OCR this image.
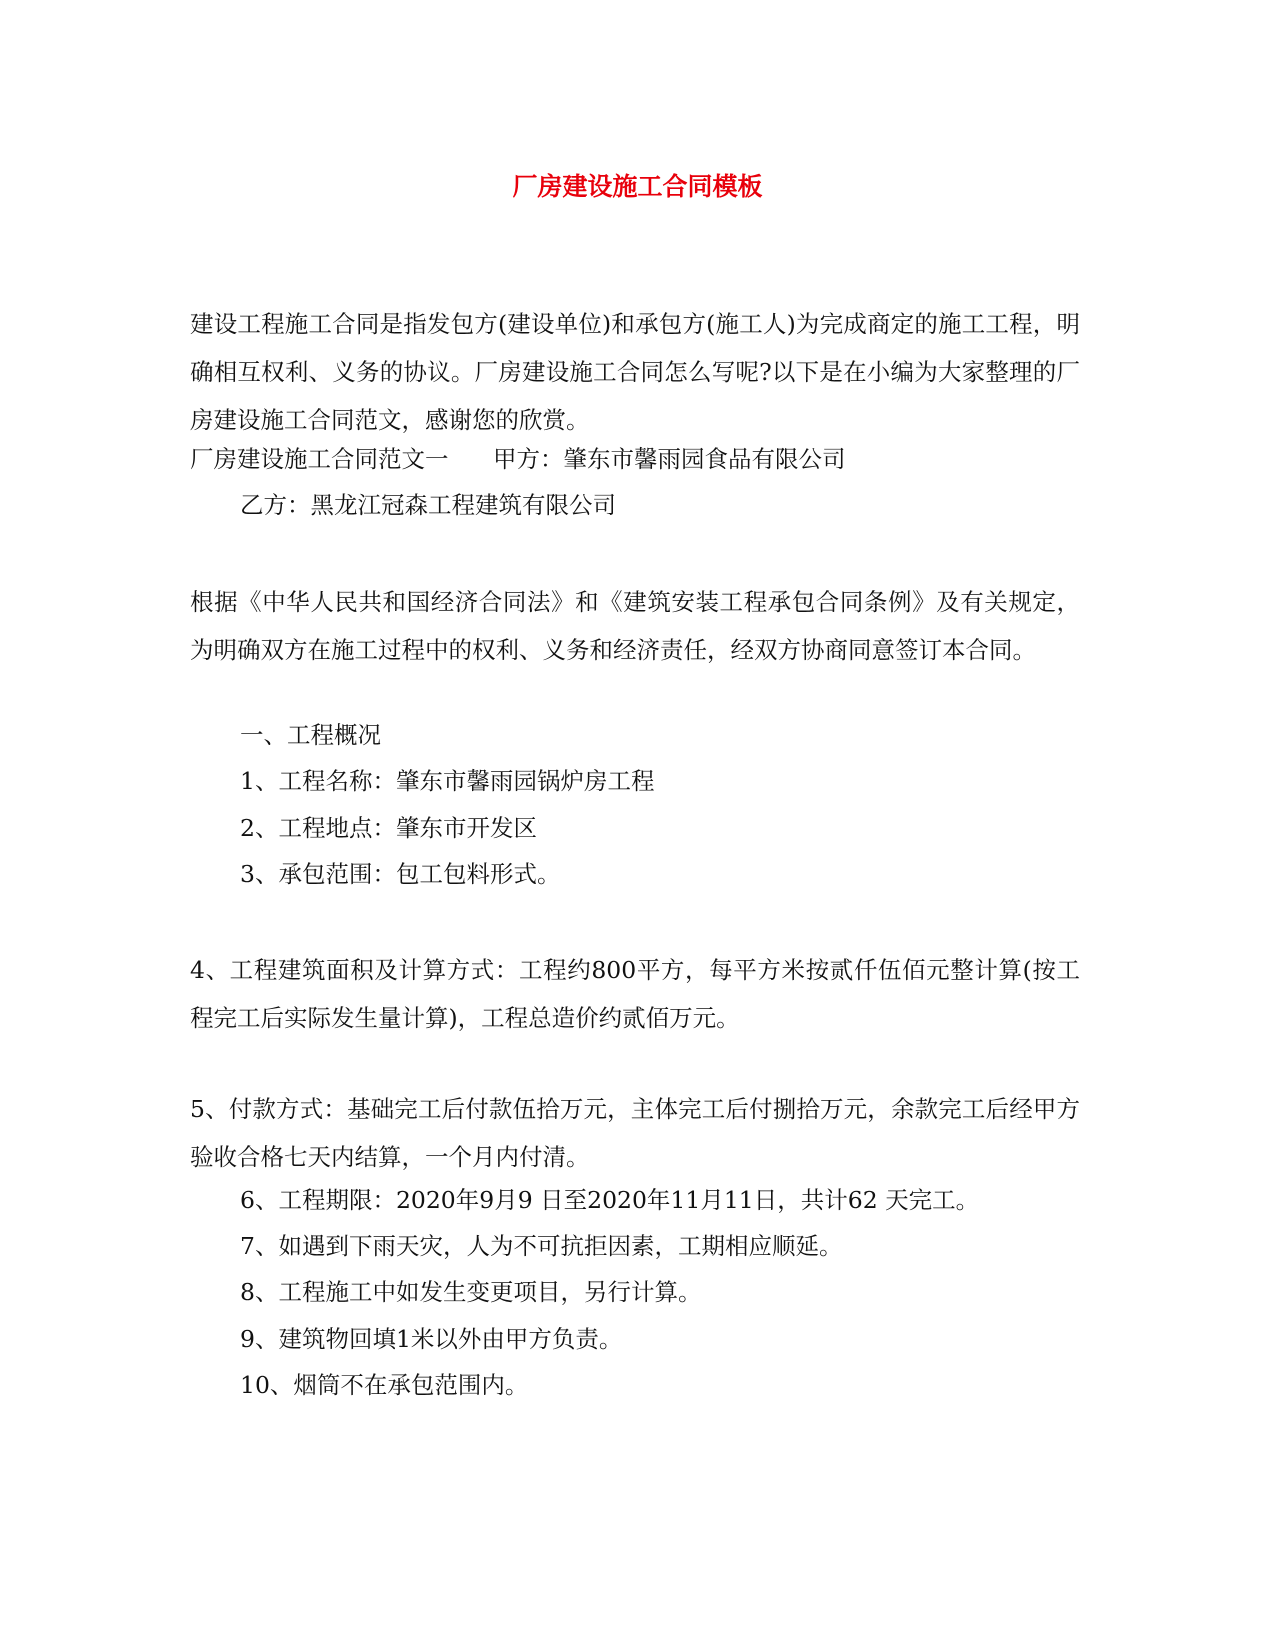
厂房建设施工合同模板
建设工程施工合同是指发包方(建设单位)和承包方(施工人)为完成商定的施工工程，明确相互权利、义务的协议。厂房建设施工合同怎么写呢?以下是在小编为大家整理的厂房建设施工合同范文，感谢您的欣赏。
厂房建设施工合同范文一 甲方：肇东市馨雨园食品有限公司
乙方：黑龙江冠森工程建筑有限公司
根据《中华人民共和国经济合同法》和《建筑安装工程承包合同条例》及有关规定，为明确双方在施工过程中的权利、义务和经济责任，经双方协商同意签订本合同。
一、工程概况
1、工程名称：肇东市馨雨园锅炉房工程
2、工程地点：肇东市开发区
3、承包范围：包工包料形式。
4、工程建筑面积及计算方式：工程约800平方，每平方米按贰仟伍佰元整计算(按工程完工后实际发生量计算)，工程总造价约贰佰万元。
5、付款方式：基础完工后付款伍拾万元，主体完工后付捌拾万元，余款完工后经甲方验收合格七天内结算，一个月内付清。
6、工程期限：2020年9月9 日至2020年11月11日，共计62 天完工。
7、如遇到下雨天灾，人为不可抗拒因素，工期相应顺延。
8、工程施工中如发生变更项目，另行计算。
9、建筑物回填1米以外由甲方负责。
10、烟筒不在承包范围内。
